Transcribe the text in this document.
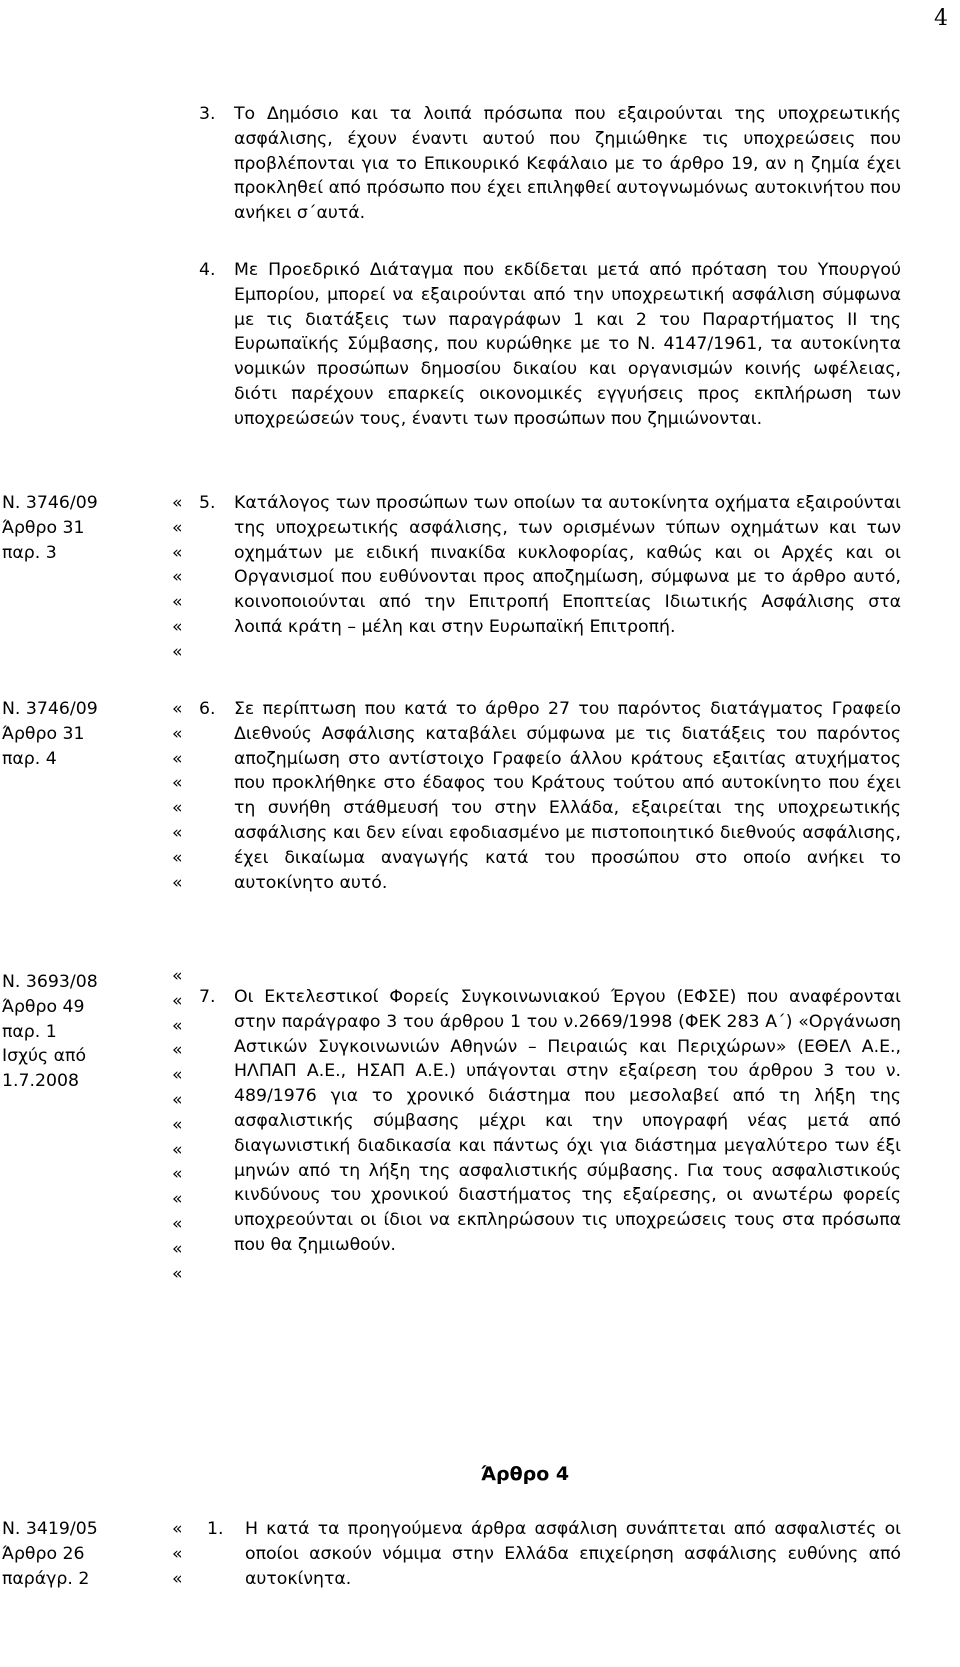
4
3. Το Δημόσιο και τα λοιπά πρόσωπα που εξαιρούνται της υποχρεωτικής ασφάλισης, έχουν έναντι αυτού που ζημιώθηκε τις υποχρεώσεις που προβλέπονται για το Επικουρικό Κεφάλαιο με το άρθρο 19, αν η ζημία έχει προκληθεί από πρόσωπο που έχει επιληφθεί αυτογνωμόνως αυτοκινήτου που ανήκει σ΄αυτά.
4. Με Προεδρικό Διάταγμα που εκδίδεται μετά από πρόταση του Υπουργού Εμπορίου, μπορεί να εξαιρούνται από την υποχρεωτική ασφάλιση σύμφωνα με τις διατάξεις των παραγράφων 1 και 2 του Παραρτήματος ΙΙ της Ευρωπαϊκής Σύμβασης, που κυρώθηκε με το Ν. 4147/1961, τα αυτοκίνητα νομικών προσώπων δημοσίου δικαίου και οργανισμών κοινής ωφέλειας, διότι παρέχουν επαρκείς οικονομικές εγγυήσεις προς εκπλήρωση των υποχρεώσεών τους, έναντι των προσώπων που ζημιώνονται.
Ν. 3746/09
Άρθρο 31
παρ. 3
«
«
«
«
«
«
«
5. Κατάλογος των προσώπων των οποίων τα αυτοκίνητα οχήματα εξαιρούνται της υποχρεωτικής ασφάλισης, των ορισμένων τύπων οχημάτων και των οχημάτων με ειδική πινακίδα κυκλοφορίας, καθώς και οι Αρχές και οι Οργανισμοί που ευθύνονται προς αποζημίωση, σύμφωνα με το άρθρο αυτό, κοινοποιούνται από την Επιτροπή Εποπτείας Ιδιωτικής Ασφάλισης στα λοιπά κράτη – μέλη και στην Ευρωπαϊκή Επιτροπή.
Ν. 3746/09
Άρθρο 31
παρ. 4
«
«
«
«
«
«
«
«
6. Σε περίπτωση που κατά το άρθρο 27 του παρόντος διατάγματος Γραφείο Διεθνούς Ασφάλισης καταβάλει σύμφωνα με τις διατάξεις του παρόντος αποζημίωση στο αντίστοιχο Γραφείο άλλου κράτους εξαιτίας ατυχήματος που προκλήθηκε στο έδαφος του Κράτους τούτου από αυτοκίνητο που έχει τη συνήθη στάθμευσή του στην Ελλάδα, εξαιρείται της υποχρεωτικής ασφάλισης και δεν είναι εφοδιασμένο με πιστοποιητικό διεθνούς ασφάλισης, έχει δικαίωμα αναγωγής κατά του προσώπου στο οποίο ανήκει το αυτοκίνητο αυτό.
Ν. 3693/08
Άρθρο 49
παρ. 1
Ισχύς από
1.7.2008
«
«
«
«
«
«
«
«
«
«
«
«
«
7. Οι Εκτελεστικοί Φορείς Συγκοινωνιακού Έργου (ΕΦΣΕ) που αναφέρονται στην παράγραφο 3 του άρθρου 1 του ν.2669/1998 (ΦΕΚ 283 Α΄) «Οργάνωση Αστικών Συγκοινωνιών Αθηνών – Πειραιώς και Περιχώρων» (ΕΘΕΛ Α.Ε., ΗΛΠΑΠ Α.Ε., ΗΣΑΠ Α.Ε.) υπάγονται στην εξαίρεση του άρθρου 3 του ν. 489/1976 για το χρονικό διάστημα που μεσολαβεί από τη λήξη της ασφαλιστικής σύμβασης μέχρι και την υπογραφή νέας μετά από διαγωνιστική διαδικασία και πάντως όχι για διάστημα μεγαλύτερο των έξι μηνών από τη λήξη της ασφαλιστικής σύμβασης. Για τους ασφαλιστικούς κινδύνους του χρονικού διαστήματος της εξαίρεσης, οι ανωτέρω φορείς υποχρεούνται οι ίδιοι να εκπληρώσουν τις υποχρεώσεις τους στα πρόσωπα που θα ζημιωθούν.
Άρθρο 4
Ν. 3419/05
Άρθρο 26
παράγρ. 2
«
«
«
1. Η κατά τα προηγούμενα άρθρα ασφάλιση συνάπτεται από ασφαλιστές οι οποίοι ασκούν νόμιμα στην Ελλάδα επιχείρηση ασφάλισης ευθύνης από αυτοκίνητα.
